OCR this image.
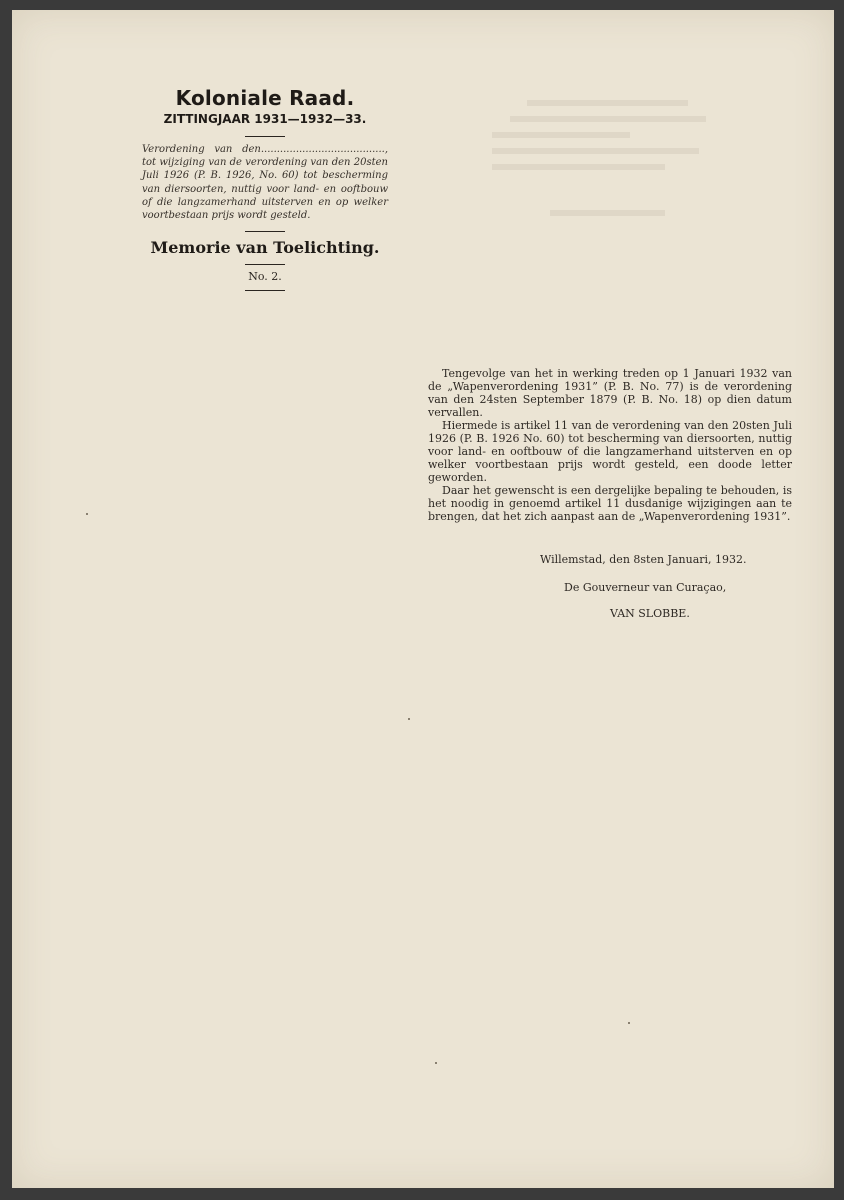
Koloniale Raad.
ZITTINGJAAR 1931—1932—33.
Verordening van den......................................., tot wijziging van de verordening van den 20sten Juli 1926 (P. B. 1926, No. 60) tot bescherming van diersoorten, nuttig voor land- en ooftbouw of die langzamerhand uitsterven en op welker voortbestaan prijs wordt gesteld.
Memorie van Toelichting.
No. 2.

Tengevolge van het in werking treden op 1 Januari 1932 van de „Wapenverordening 1931” (P. B. No. 77) is de verordening van den 24sten September 1879 (P. B. No. 18) op dien datum vervallen.

Hiermede is artikel 11 van de verordening van den 20sten Juli 1926 (P. B. 1926 No. 60) tot bescherming van diersoorten, nuttig voor land- en ooftbouw of die langzamerhand uitsterven en op welker voortbestaan prijs wordt gesteld, een doode letter geworden.

Daar het gewenscht is een dergelijke bepaling te behouden, is het noodig in genoemd artikel 11 dusdanige wijzigingen aan te brengen, dat het zich aanpast aan de „Wapenverordening 1931”.

Willemstad, den 8sten Januari, 1932.

De Gouverneur van Curaçao,

VAN SLOBBE.
